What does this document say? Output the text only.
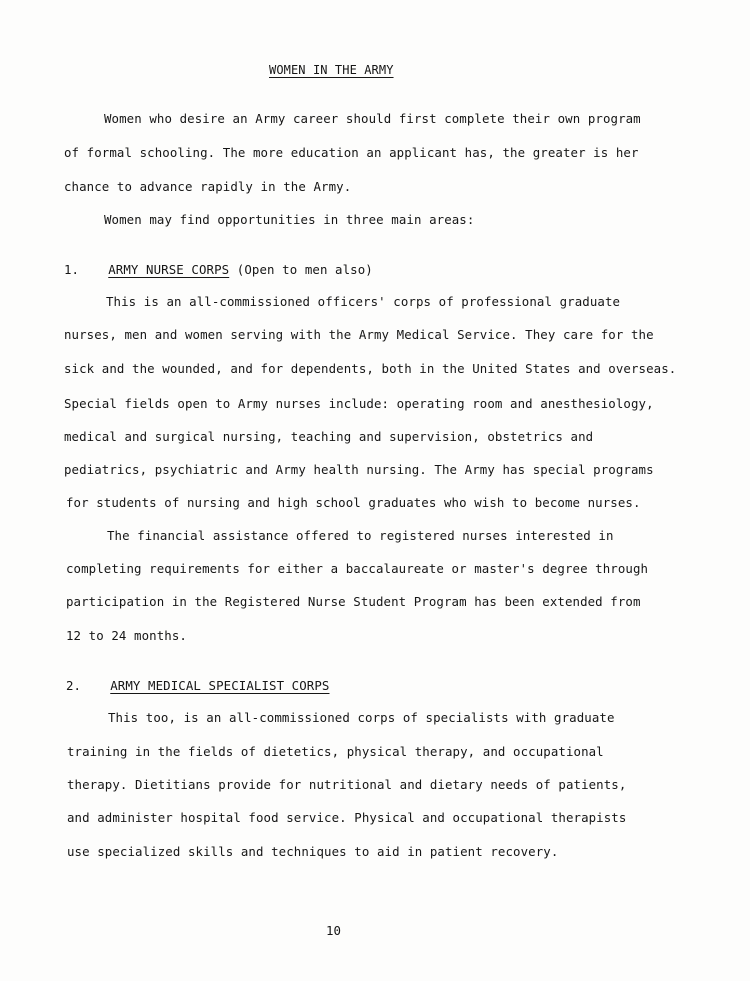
WOMEN IN THE ARMY
Women who desire an Army career should first complete their own program
of formal schooling. The more education an applicant has, the greater is her
chance to advance rapidly in the Army.
Women may find opportunities in three main areas:
1. ARMY NURSE CORPS (Open to men also)
This is an all-commissioned officers' corps of professional graduate
nurses, men and women serving with the Army Medical Service. They care for the
sick and the wounded, and for dependents, both in the United States and overseas.
Special fields open to Army nurses include: operating room and anesthesiology,
medical and surgical nursing, teaching and supervision, obstetrics and
pediatrics, psychiatric and Army health nursing. The Army has special programs
for students of nursing and high school graduates who wish to become nurses.
The financial assistance offered to registered nurses interested in
completing requirements for either a baccalaureate or master's degree through
participation in the Registered Nurse Student Program has been extended from
12 to 24 months.
2. ARMY MEDICAL SPECIALIST CORPS
This too, is an all-commissioned corps of specialists with graduate
training in the fields of dietetics, physical therapy, and occupational
therapy. Dietitians provide for nutritional and dietary needs of patients,
and administer hospital food service. Physical and occupational therapists
use specialized skills and techniques to aid in patient recovery.
10
